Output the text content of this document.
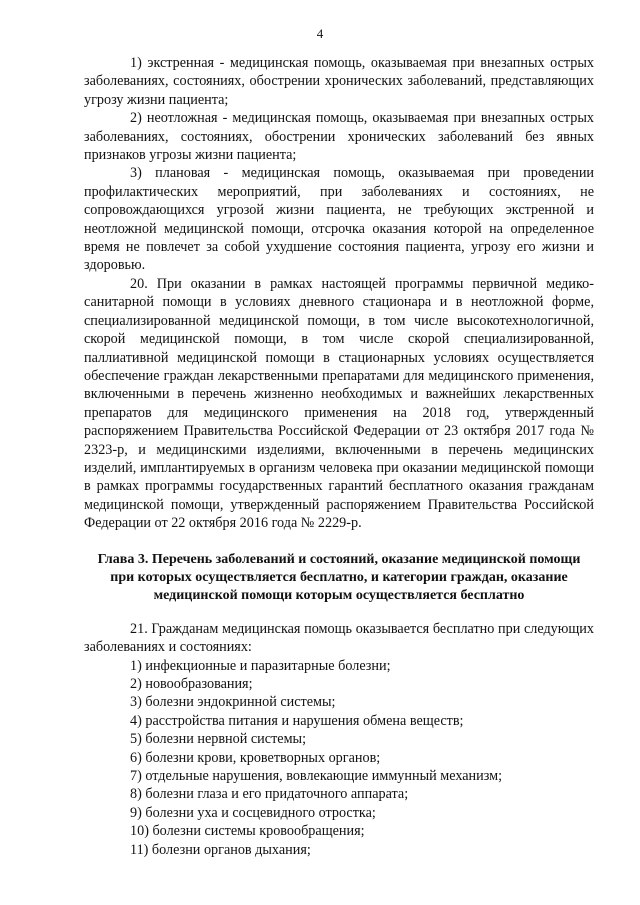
4

1) экстренная - медицинская помощь, оказываемая при внезапных острых заболеваниях, состояниях, обострении хронических заболеваний, представляющих угрозу жизни пациента;

2) неотложная - медицинская помощь, оказываемая при внезапных острых заболеваниях, состояниях, обострении хронических заболеваний без явных признаков угрозы жизни пациента;

3) плановая - медицинская помощь, оказываемая при проведении профилактических мероприятий, при заболеваниях и состояниях, не сопровождающихся угрозой жизни пациента, не требующих экстренной и неотложной медицинской помощи, отсрочка оказания которой на определенное время не повлечет за собой ухудшение состояния пациента, угрозу его жизни и здоровью.

20. При оказании в рамках настоящей программы первичной медико-санитарной помощи в условиях дневного стационара и в неотложной форме, специализированной медицинской помощи, в том числе высокотехнологичной, скорой медицинской помощи, в том числе скорой специализированной, паллиативной медицинской помощи в стационарных условиях осуществляется обеспечение граждан лекарственными препаратами для медицинского применения, включенными в перечень жизненно необходимых и важнейших лекарственных препаратов для медицинского применения на 2018 год, утвержденный распоряжением Правительства Российской Федерации от 23 октября 2017 года № 2323-р, и медицинскими изделиями, включенными в перечень медицинских изделий, имплантируемых в организм человека при оказании медицинской помощи в рамках программы государственных гарантий бесплатного оказания гражданам медицинской помощи, утвержденный распоряжением Правительства Российской Федерации от 22 октября 2016 года № 2229-р.

Глава 3. Перечень заболеваний и состояний, оказание медицинской помощи при которых осуществляется бесплатно, и категории граждан, оказание медицинской помощи которым осуществляется бесплатно

21. Гражданам медицинская помощь оказывается бесплатно при следующих заболеваниях и состояниях:

1) инфекционные и паразитарные болезни;
2) новообразования;
3) болезни эндокринной системы;
4) расстройства питания и нарушения обмена веществ;
5) болезни нервной системы;
6) болезни крови, кроветворных органов;
7) отдельные нарушения, вовлекающие иммунный механизм;
8) болезни глаза и его придаточного аппарата;
9) болезни уха и сосцевидного отростка;
10) болезни системы кровообращения;
11) болезни органов дыхания;
